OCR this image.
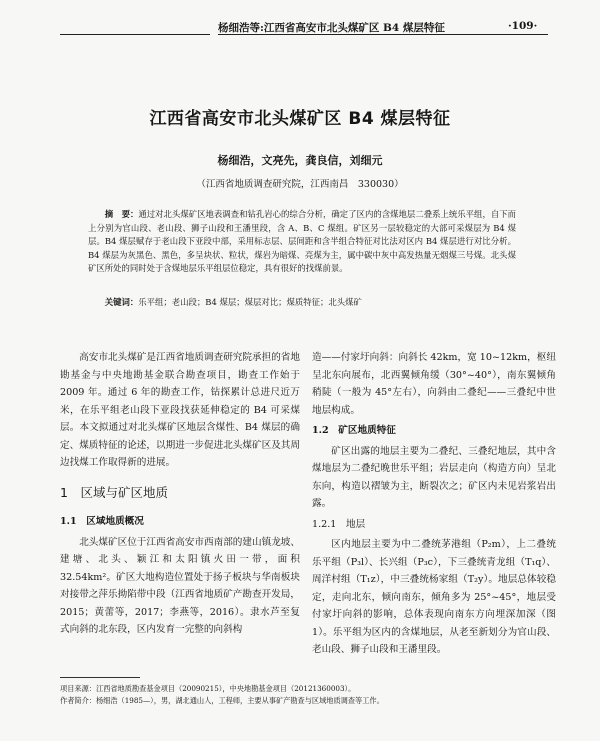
杨细浩等:江西省高安市北头煤矿区 B4 煤层特征	·109·
江西省高安市北头煤矿区 B4 煤层特征
杨细浩，文亮先，龚良信，刘细元
（江西省地质调查研究院，江西南昌　330030）
摘　要：通过对北头煤矿区地表调查和钻孔岩心的综合分析，确定了区内的含煤地层二叠系上统乐平组，自下而上分别为官山段、老山段、狮子山段和王潘里段，含 A、B、C 煤组。矿区另一层较稳定的大部可采煤层为 B4 煤层。B4 煤层赋存于老山段下亚段中部，采用标志层、层间距和含半组合特征对比法对区内 B4 煤层进行对比分析。B4 煤层为灰黑色、黑色，多呈块状、粒状，煤岩为暗煤、亮煤为主，属中碳中灰中高发热量无烟煤三号煤。北头煤矿区所处的同时处于含煤地层乐平组层位稳定，具有很好的找煤前景。
关键词：乐平组；老山段；B4 煤层；煤层对比；煤质特征；北头煤矿

高安市北头煤矿是江西省地质调查研究院承担的省地勘基金与中央地勘基金联合勘查项目，勘查工作始于 2009 年。通过 6 年的勘查工作，钻探累计总进尺近万米，在乐平组老山段下亚段找获延伸稳定的 B4 可采煤层。本文拟通过对北头煤矿区地层含煤性、B4 煤层的确定、煤质特征的论述，以期进一步促进北头煤矿区及其周边找煤工作取得新的进展。

1　区域与矿区地质
1.1　区域地质概况

北头煤矿区位于江西省高安市西南部的建山镇龙坡、建塘、北头、颖江和太阳镇火田一带，面积 32.54km²。矿区大地构造位置处于扬子板块与华南板块对接带之萍乐拗陷带中段（江西省地质矿产勘查开发局，2015；黄蕾等，2017；李燕等，2016）。隶水芦至复式向斜的北东段，区内发育一完整的向斜构

造——付家圩向斜：向斜长 42km，宽 10~12km，枢纽呈北东向展布，北西翼倾角缓（30°~40°），南东翼倾角稍陡（一般为 45°左右），向斜由二叠纪——三叠纪中世地层构成。

1.2　矿区地质特征

矿区出露的地层主要为二叠纪、三叠纪地层，其中含煤地层为二叠纪晚世乐平组；岩层走向（构造方向）呈北东向，构造以褶皱为主，断裂次之；矿区内未见岩浆岩出露。

1.2.1　地层

区内地层主要为中二叠统茅港组（P₂m），上二叠统乐平组（P₃l）、长兴组（P₃c），下三叠统青龙组（T₁q）、周洋村组（T₁z），中三叠统杨家组（T₂y）。地层总体较稳定，走向北东，倾向南东，倾角多为 25°~45°，地层受付家圩向斜的影响，总体表现向南东方向埋深加深（图 1）。乐平组为区内的含煤地层，从老至新划分为官山段、老山段、狮子山段和王潘里段。

项目来源：江西省地质勘查基金项目（20090215），中央地勘基金项目（20121360003）。
作者简介：杨细浩（1985—），男，湖北通山人，工程师，主要从事矿产勘查与区域地质调查等工作。
